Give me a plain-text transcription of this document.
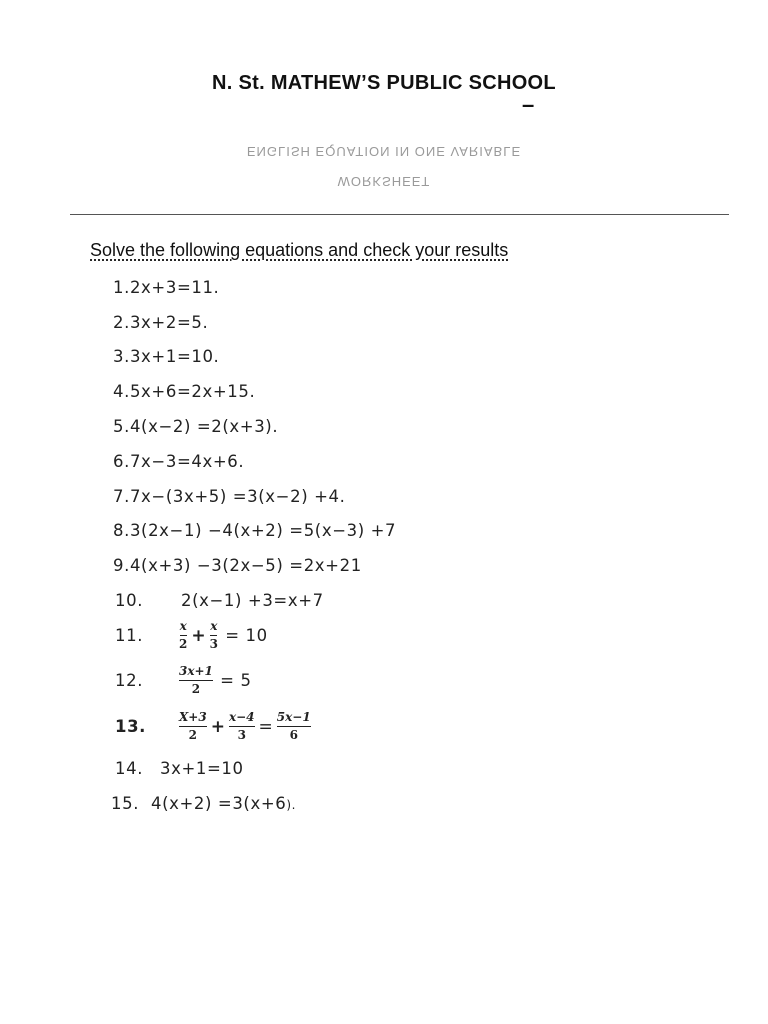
N. St. MATHEW’S PUBLIC SCHOOL
–
ENGLISH EQUATION IN ONE VARIABLE
WORKSHEET
Solve the following equations and check your results
1.2x+3=11.
2.3x+2=5.
3.3x+1=10.
4.5x+6=2x+15.
5.4(x−2) =2(x+3).
6.7x−3=4x+6.
7.7x−(3x+5) =3(x−2) +4.
8.3(2x−1) −4(x+2) =5(x−3) +7
9.4(x+3) −3(2x−5) =2x+21
10. 2(x−1) +3=x+7
11.	$\frac{x}{2} + \frac{x}{3} = 10$
12.	$\frac{3x+1}{2} = 5$
13.	$\frac{X+3}{2} + \frac{x-4}{3} = \frac{5x-1}{6}$
14. 3x+1=10
15. 4(x+2) =3(x+6).
